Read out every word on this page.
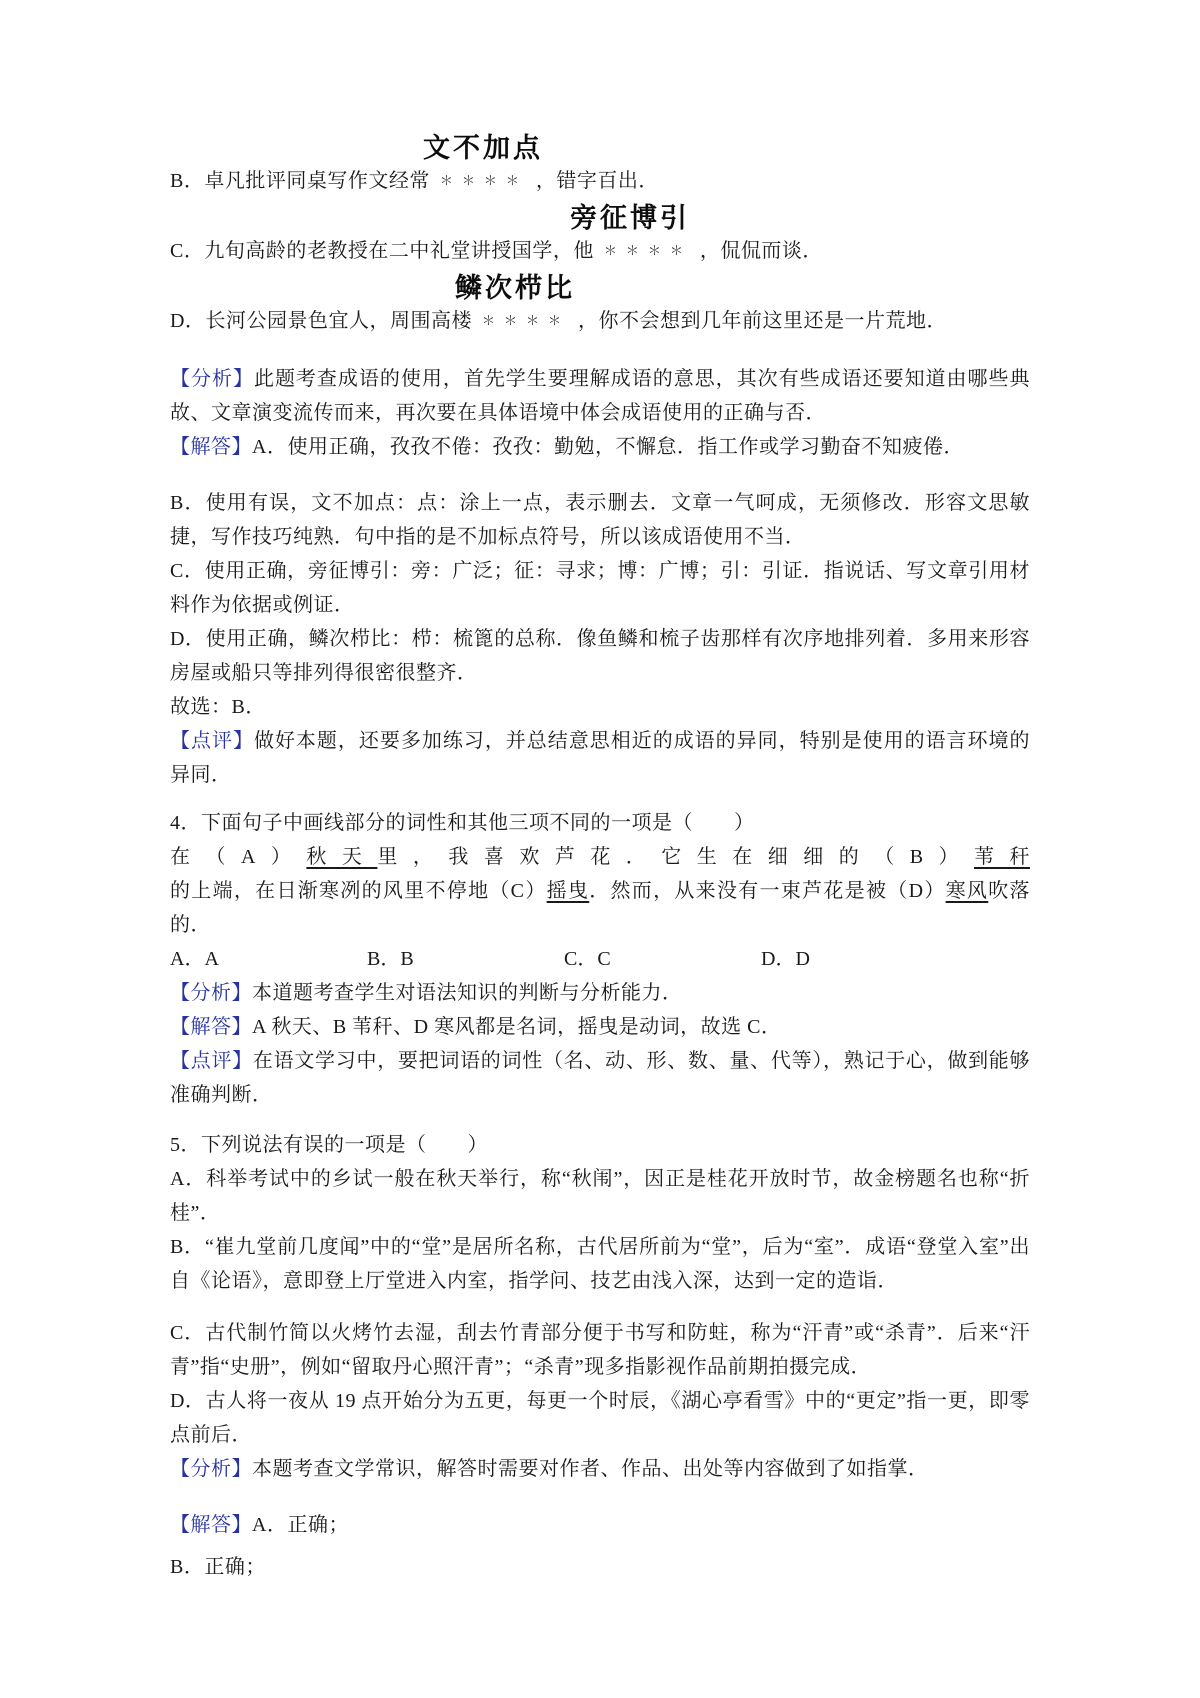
文不加点

B．卓凡批评同桌写作文经常 ＊＊＊＊ ，错字百出．

旁征博引

C．九旬高龄的老教授在二中礼堂讲授国学，他 ＊＊＊＊ ，侃侃而谈．

鳞次栉比

D．长河公园景色宜人，周围高楼 ＊＊＊＊ ，你不会想到几年前这里还是一片荒地．

【分析】此题考查成语的使用，首先学生要理解成语的意思，其次有些成语还要知道由哪些典故、文章演变流传而来，再次要在具体语境中体会成语使用的正确与否．

【解答】A．使用正确，孜孜不倦：孜孜：勤勉，不懈怠．指工作或学习勤奋不知疲倦．

B．使用有误，文不加点：点：涂上一点，表示删去．文章一气呵成，无须修改．形容文思敏捷，写作技巧纯熟．句中指的是不加标点符号，所以该成语使用不当．

C．使用正确，旁征博引：旁：广泛；征：寻求；博：广博；引：引证．指说话、写文章引用材料作为依据或例证．

D．使用正确，鳞次栉比：栉：梳篦的总称．像鱼鳞和梳子齿那样有次序地排列着．多用来形容房屋或船只等排列得很密很整齐．

故选：B．

【点评】做好本题，还要多加练习，并总结意思相近的成语的异同，特别是使用的语言环境的异同．

4．下面句子中画线部分的词性和其他三项不同的一项是（　　）

在（A）秋天里，我喜欢芦花．它生在细细的（B）苇秆的上端，在日渐寒冽的风里不停地（C）摇曳．然而，从来没有一束芦花是被（D）寒风吹落的．

A．A	B．B	C．C	D．D

【分析】本道题考查学生对语法知识的判断与分析能力．

【解答】A 秋天、B 苇秆、D 寒风都是名词，摇曳是动词，故选 C．

【点评】在语文学习中，要把词语的词性（名、动、形、数、量、代等），熟记于心，做到能够准确判断．

5．下列说法有误的一项是（　　）

A．科举考试中的乡试一般在秋天举行，称“秋闱”，因正是桂花开放时节，故金榜题名也称“折桂”．

B．“崔九堂前几度闻”中的“堂”是居所名称，古代居所前为“堂”，后为“室”．成语“登堂入室”出自《论语》，意即登上厅堂进入内室，指学问、技艺由浅入深，达到一定的造诣．

C．古代制竹简以火烤竹去湿，刮去竹青部分便于书写和防蛀，称为“汗青”或“杀青”．后来“汗青”指“史册”，例如“留取丹心照汗青”；“杀青”现多指影视作品前期拍摄完成．

D．古人将一夜从 19 点开始分为五更，每更一个时辰，《湖心亭看雪》中的“更定”指一更，即零点前后．

【分析】本题考查文学常识，解答时需要对作者、作品、出处等内容做到了如指掌．

【解答】A．正确；

B．正确；
